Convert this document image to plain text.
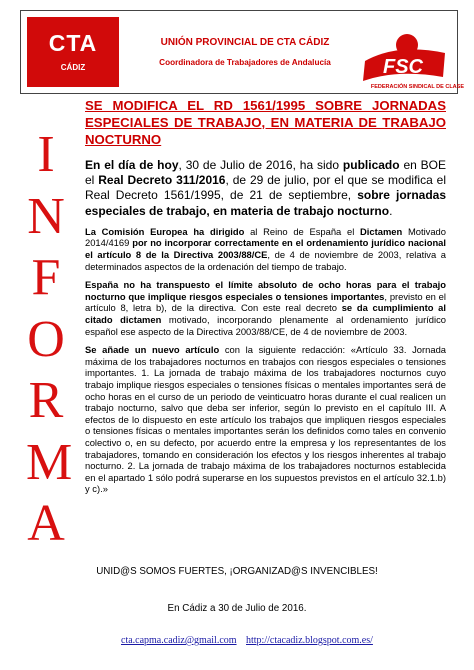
CTA
CÁDIZ
UNIÓN PROVINCIAL DE CTA CÁDIZ
Coordinadora de Trabajadores de Andalucía	FSC
FEDERACIÓN SINDICAL DE CLASE
I
N
F
O
R
M
A

SE MODIFICA EL RD 1561/1995 SOBRE JORNADAS ESPECIALES DE TRABAJO, EN MATERIA DE TRABAJO NOCTURNO

En el día de hoy, 30 de Julio de 2016, ha sido publicado en BOE el Real Decreto 311/2016, de 29 de julio, por el que se modifica el Real Decreto 1561/1995, de 21 de septiembre, sobre jornadas especiales de trabajo, en materia de trabajo nocturno.
La Comisión Europea ha dirigido al Reino de España el Dictamen Motivado 2014/4169 por no incorporar correctamente en el ordenamiento jurídico nacional el artículo 8 de la Directiva 2003/88/CE, de 4 de noviembre de 2003, relativa a determinados aspectos de la ordenación del tiempo de trabajo.
España no ha transpuesto el límite absoluto de ocho horas para el trabajo nocturno que implique riesgos especiales o tensiones importantes, previsto en el artículo 8, letra b), de la directiva. Con este real decreto se da cumplimiento al citado dictamen motivado, incorporando plenamente al ordenamiento jurídico español ese aspecto de la Directiva 2003/88/CE, de 4 de noviembre de 2003.
Se añade un nuevo artículo con la siguiente redacción: «Artículo 33. Jornada máxima de los trabajadores nocturnos en trabajos con riesgos especiales o tensiones importantes. 1. La jornada de trabajo máxima de los trabajadores nocturnos cuyo trabajo implique riesgos especiales o tensiones físicas o mentales importantes será de ocho horas en el curso de un periodo de veinticuatro horas durante el cual realicen un trabajo nocturno, salvo que deba ser inferior, según lo previsto en el capítulo III. A efectos de lo dispuesto en este artículo los trabajos que impliquen riesgos especiales o tensiones físicas o mentales importantes serán los definidos como tales en convenio colectivo o, en su defecto, por acuerdo entre la empresa y los representantes de los trabajadores, tomando en consideración los efectos y los riesgos inherentes al trabajo nocturno. 2. La jornada de trabajo máxima de los trabajadores nocturnos establecida en el apartado 1 sólo podrá superarse en los supuestos previstos en el artículo 32.1.b) y c).»
UNID@S SOMOS FUERTES, ¡ORGANIZAD@S INVENCIBLES!
En Cádiz a 30 de Julio de 2016.
cta.capma.cadiz@gmail.com http://ctacadiz.blogspot.com.es/
